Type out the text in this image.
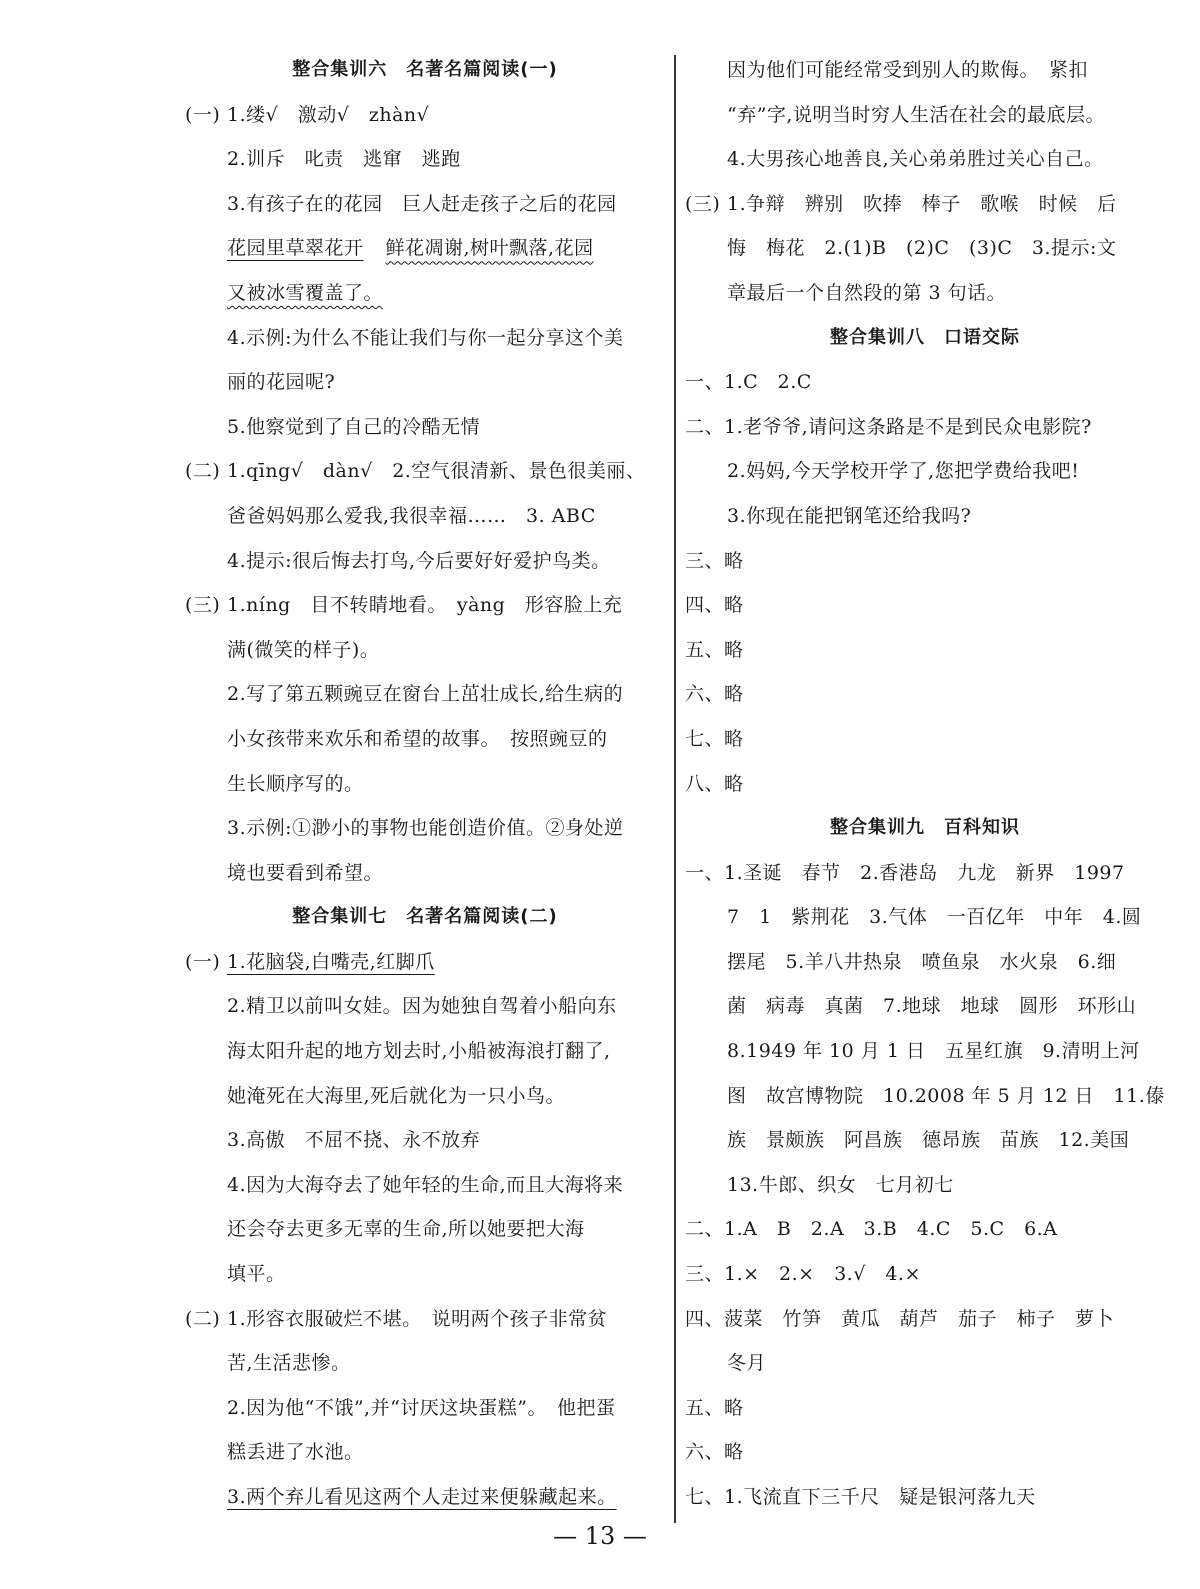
整合集训六　名著名篇阅读(一)
(一) 1.缕√　激动√　zhàn√
2.训斥　叱责　逃窜　逃跑
3.有孩子在的花园　巨人赶走孩子之后的花园
花园里草翠花开 鲜花凋谢,树叶飘落,花园
又被冰雪覆盖了。
4.示例:为什么不能让我们与你一起分享这个美
丽的花园呢?
5.他察觉到了自己的冷酷无情
(二) 1.qīng√　dàn√　2.空气很清新、景色很美丽、
爸爸妈妈那么爱我,我很幸福……　3. ABC
4.提示:很后悔去打鸟,今后要好好爱护鸟类。
(三) 1.níng　目不转睛地看。　yàng　形容脸上充
满(微笑的样子)。
2.写了第五颗豌豆在窗台上茁壮成长,给生病的
小女孩带来欢乐和希望的故事。　按照豌豆的
生长顺序写的。
3.示例:①渺小的事物也能创造价值。②身处逆
境也要看到希望。
整合集训七　名著名篇阅读(二)
(一) 1.花脑袋,白嘴壳,红脚爪
2.精卫以前叫女娃。因为她独自驾着小船向东
海太阳升起的地方划去时,小船被海浪打翻了,
她淹死在大海里,死后就化为一只小鸟。
3.高傲　不屈不挠、永不放弃
4.因为大海夺去了她年轻的生命,而且大海将来
还会夺去更多无辜的生命,所以她要把大海
填平。
(二) 1.形容衣服破烂不堪。　说明两个孩子非常贫
苦,生活悲惨。
2.因为他“不饿”,并“讨厌这块蛋糕”。　他把蛋
糕丢进了水池。
3.两个弃儿看见这两个人走过来便躲藏起来。
因为他们可能经常受到别人的欺侮。　紧扣
“弃”字,说明当时穷人生活在社会的最底层。
4.大男孩心地善良,关心弟弟胜过关心自己。
(三) 1.争辩　辨别　吹捧　棒子　歌喉　时候　后
悔　梅花　2.(1)B　(2)C　(3)C　3.提示:文
章最后一个自然段的第 3 句话。
整合集训八　口语交际
一、1.C　2.C
二、1.老爷爷,请问这条路是不是到民众电影院?
2.妈妈,今天学校开学了,您把学费给我吧!
3.你现在能把钢笔还给我吗?
三、略
四、略
五、略
六、略
七、略
八、略
整合集训九　百科知识
一、1.圣诞　春节　2.香港岛　九龙　新界　1997
7　1　紫荆花　3.气体　一百亿年　中年　4.圆
摆尾　5.羊八井热泉　喷鱼泉　水火泉　6.细
菌　病毒　真菌　7.地球　地球　圆形　环形山
8.1949 年 10 月 1 日　五星红旗　9.清明上河
图　故宫博物院　10.2008 年 5 月 12 日　11.傣
族　景颇族　阿昌族　德昂族　苗族　12.美国
13.牛郎、织女　七月初七
二、1.A　B　2.A　3.B　4.C　5.C　6.A
三、1.×　2.×　3.√　4.×
四、菠菜　竹笋　黄瓜　葫芦　茄子　柿子　萝卜
冬月
五、略
六、略
七、1.飞流直下三千尺　疑是银河落九天
— 13 —
